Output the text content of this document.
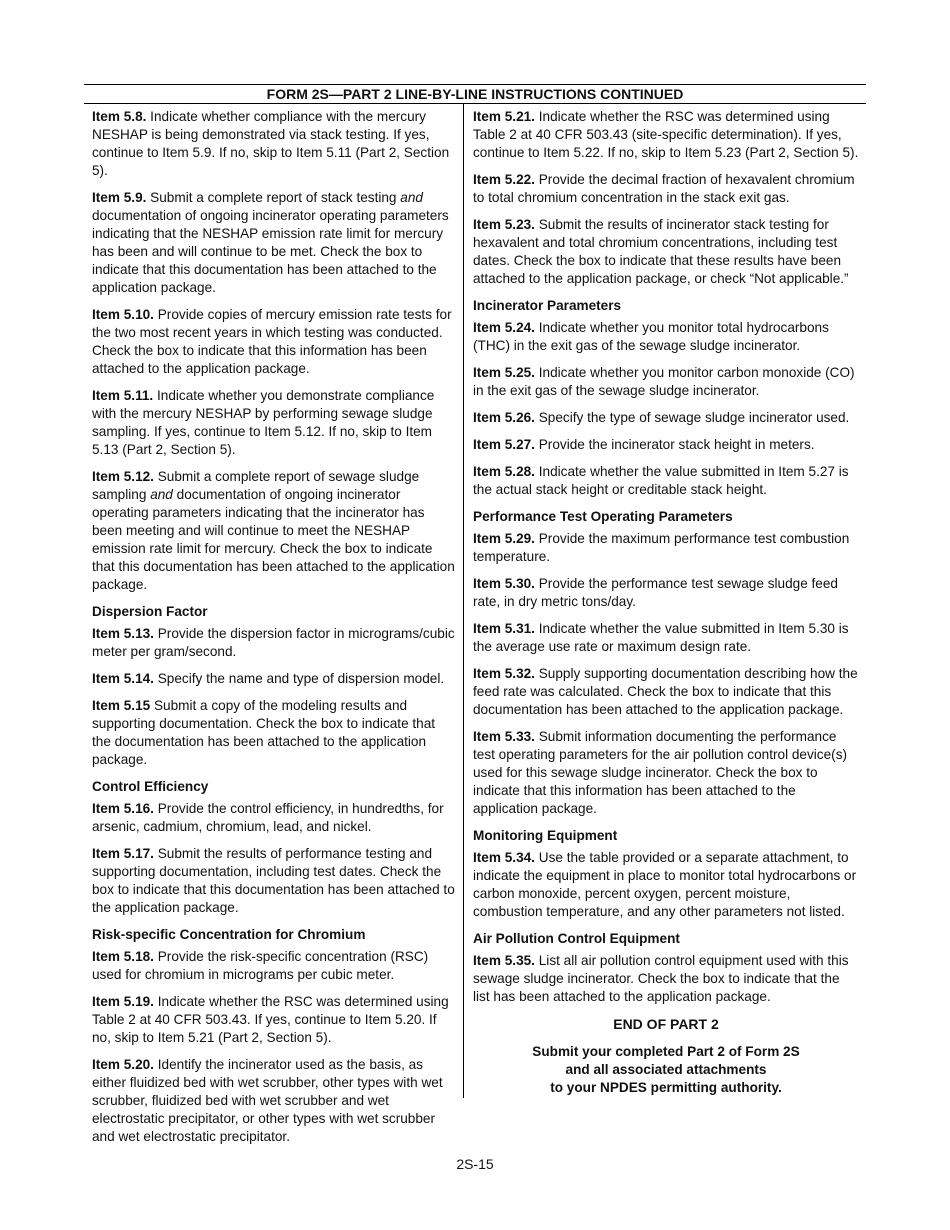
FORM 2S—PART 2 LINE-BY-LINE INSTRUCTIONS CONTINUED
Item 5.8. Indicate whether compliance with the mercury NESHAP is being demonstrated via stack testing. If yes, continue to Item 5.9. If no, skip to Item 5.11 (Part 2, Section 5).
Item 5.9. Submit a complete report of stack testing and documentation of ongoing incinerator operating parameters indicating that the NESHAP emission rate limit for mercury has been and will continue to be met. Check the box to indicate that this documentation has been attached to the application package.
Item 5.10. Provide copies of mercury emission rate tests for the two most recent years in which testing was conducted. Check the box to indicate that this information has been attached to the application package.
Item 5.11. Indicate whether you demonstrate compliance with the mercury NESHAP by performing sewage sludge sampling. If yes, continue to Item 5.12. If no, skip to Item 5.13 (Part 2, Section 5).
Item 5.12. Submit a complete report of sewage sludge sampling and documentation of ongoing incinerator operating parameters indicating that the incinerator has been meeting and will continue to meet the NESHAP emission rate limit for mercury. Check the box to indicate that this documentation has been attached to the application package.
Dispersion Factor
Item 5.13. Provide the dispersion factor in micrograms/cubic meter per gram/second.
Item 5.14. Specify the name and type of dispersion model.
Item 5.15 Submit a copy of the modeling results and supporting documentation. Check the box to indicate that the documentation has been attached to the application package.
Control Efficiency
Item 5.16. Provide the control efficiency, in hundredths, for arsenic, cadmium, chromium, lead, and nickel.
Item 5.17. Submit the results of performance testing and supporting documentation, including test dates. Check the box to indicate that this documentation has been attached to the application package.
Risk-specific Concentration for Chromium
Item 5.18. Provide the risk-specific concentration (RSC) used for chromium in micrograms per cubic meter.
Item 5.19. Indicate whether the RSC was determined using Table 2 at 40 CFR 503.43. If yes, continue to Item 5.20. If no, skip to Item 5.21 (Part 2, Section 5).
Item 5.20. Identify the incinerator used as the basis, as either fluidized bed with wet scrubber, other types with wet scrubber, fluidized bed with wet scrubber and wet electrostatic precipitator, or other types with wet scrubber and wet electrostatic precipitator.
Item 5.21. Indicate whether the RSC was determined using Table 2 at 40 CFR 503.43 (site-specific determination). If yes, continue to Item 5.22. If no, skip to Item 5.23 (Part 2, Section 5).
Item 5.22. Provide the decimal fraction of hexavalent chromium to total chromium concentration in the stack exit gas.
Item 5.23. Submit the results of incinerator stack testing for hexavalent and total chromium concentrations, including test dates. Check the box to indicate that these results have been attached to the application package, or check “Not applicable.”
Incinerator Parameters
Item 5.24. Indicate whether you monitor total hydrocarbons (THC) in the exit gas of the sewage sludge incinerator.
Item 5.25. Indicate whether you monitor carbon monoxide (CO) in the exit gas of the sewage sludge incinerator.
Item 5.26. Specify the type of sewage sludge incinerator used.
Item 5.27. Provide the incinerator stack height in meters.
Item 5.28. Indicate whether the value submitted in Item 5.27 is the actual stack height or creditable stack height.
Performance Test Operating Parameters
Item 5.29. Provide the maximum performance test combustion temperature.
Item 5.30. Provide the performance test sewage sludge feed rate, in dry metric tons/day.
Item 5.31. Indicate whether the value submitted in Item 5.30 is the average use rate or maximum design rate.
Item 5.32. Supply supporting documentation describing how the feed rate was calculated. Check the box to indicate that this documentation has been attached to the application package.
Item 5.33. Submit information documenting the performance test operating parameters for the air pollution control device(s) used for this sewage sludge incinerator. Check the box to indicate that this information has been attached to the application package.
Monitoring Equipment
Item 5.34. Use the table provided or a separate attachment, to indicate the equipment in place to monitor total hydrocarbons or carbon monoxide, percent oxygen, percent moisture, combustion temperature, and any other parameters not listed.
Air Pollution Control Equipment
Item 5.35. List all air pollution control equipment used with this sewage sludge incinerator. Check the box to indicate that the list has been attached to the application package.
END OF PART 2
Submit your completed Part 2 of Form 2S
and all associated attachments
to your NPDES permitting authority.
2S-15
